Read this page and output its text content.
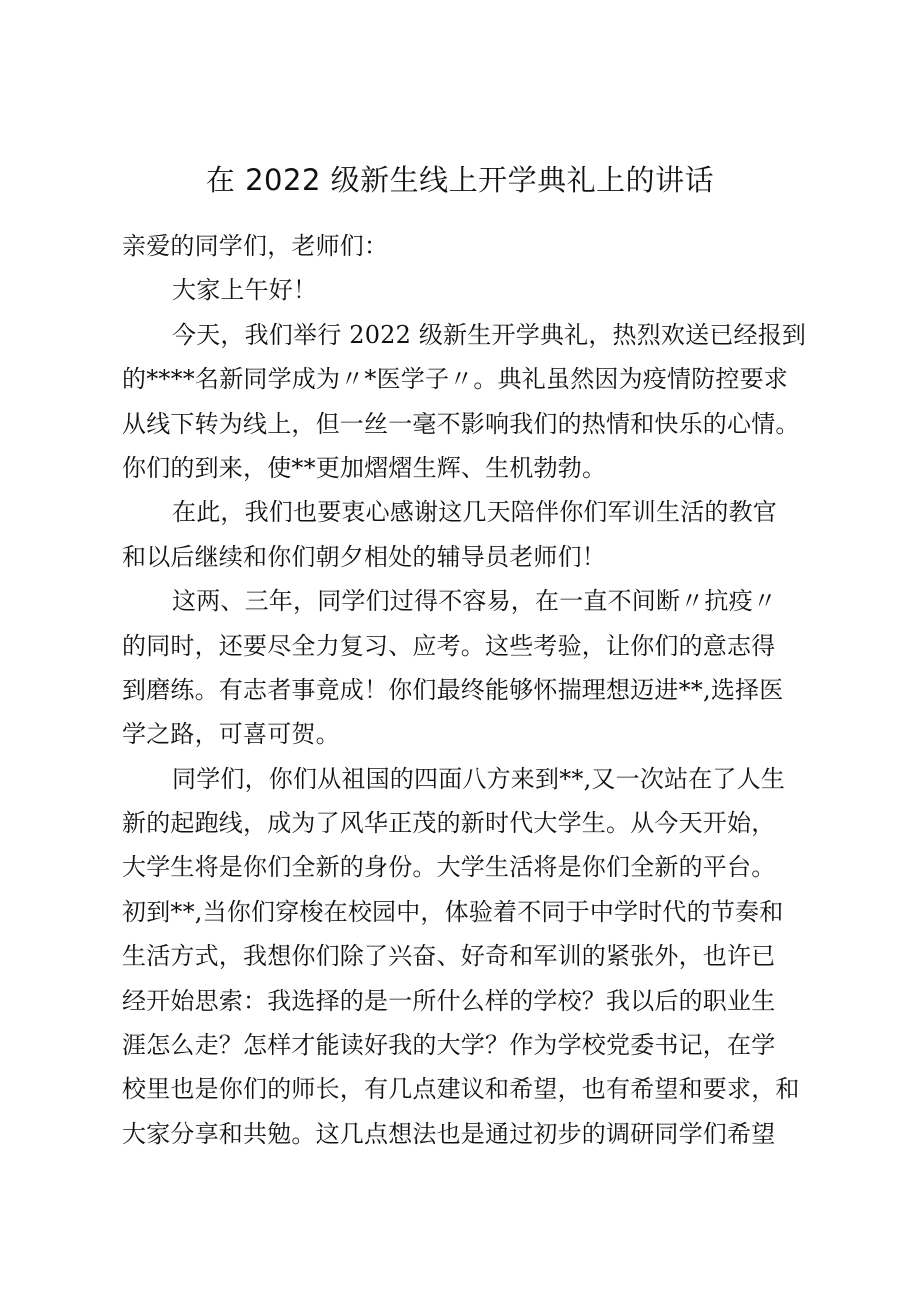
在 2022 级新生线上开学典礼上的讲话
亲爱的同学们，老师们：
大家上午好！
今天，我们举行 2022 级新生开学典礼，热烈欢送已经报到
的****名新同学成为〃*医学子〃。典礼虽然因为疫情防控要求
从线下转为线上，但一丝一毫不影响我们的热情和快乐的心情。
你们的到来，使**更加熠熠生辉、生机勃勃。
在此，我们也要衷心感谢这几天陪伴你们军训生活的教官
和以后继续和你们朝夕相处的辅导员老师们！
这两、三年，同学们过得不容易，在一直不间断〃抗疫〃
的同时，还要尽全力复习、应考。这些考验，让你们的意志得
到磨练。有志者事竟成！你们最终能够怀揣理想迈进**,选择医
学之路，可喜可贺。
同学们，你们从祖国的四面八方来到**,又一次站在了人生
新的起跑线，成为了风华正茂的新时代大学生。从今天开始，
大学生将是你们全新的身份。大学生活将是你们全新的平台。
初到**,当你们穿梭在校园中，体验着不同于中学时代的节奏和
生活方式，我想你们除了兴奋、好奇和军训的紧张外，也许已
经开始思索：我选择的是一所什么样的学校？我以后的职业生
涯怎么走？怎样才能读好我的大学？作为学校党委书记，在学
校里也是你们的师长，有几点建议和希望，也有希望和要求，和
大家分享和共勉。这几点想法也是通过初步的调研同学们希望
